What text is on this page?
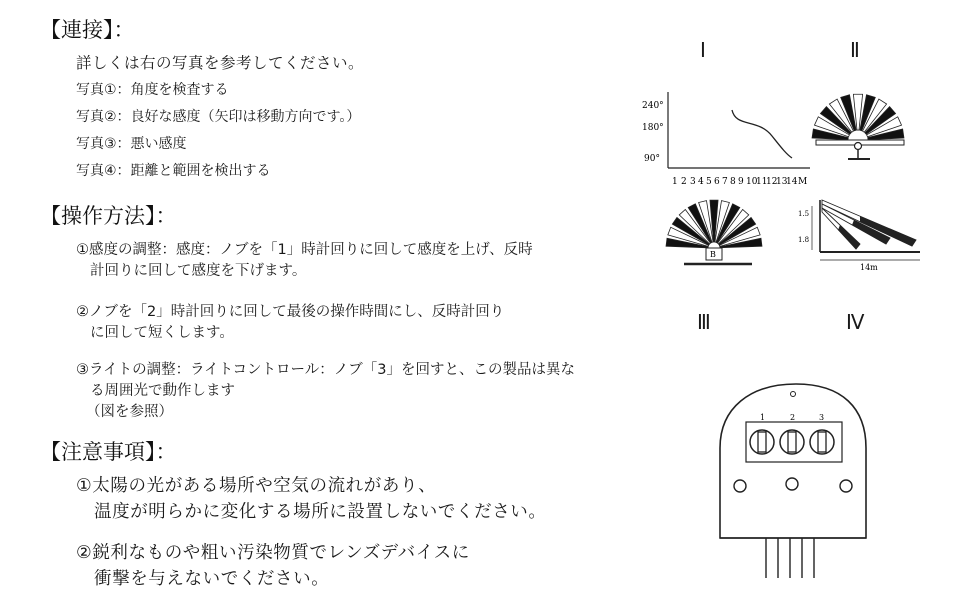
【連接】：
詳しくは右の写真を参考してください。
写真①：角度を検査する
写真②：良好な感度（矢印は移動方向です。）
写真③：悪い感度
写真④：距離と範囲を検出する
【操作方法】：
①感度の調整：感度：ノブを「1」時計回りに回して感度を上げ、反時
計回りに回して感度を下げます。
②ノブを「2」時計回りに回して最後の操作時間にし、反時計回り
に回して短くします。
③ライトの調整：ライトコントロール：ノブ「3」を回すと、この製品は異な
る周囲光で動作します
（図を参照）
【注意事項】：
①太陽の光がある場所や空気の流れがあり、
温度が明らかに変化する場所に設置しないでください。
②鋭利なものや粗い汚染物質でレンズデバイスに
衝撃を与えないでください。
Ⅰ	Ⅱ
Ⅲ	Ⅳ
240°
180°
90°
1 2 3 4 5 6 7 8 9 10
11
12
13
14 M
B
1.5
1.8
14m
1	2	3
